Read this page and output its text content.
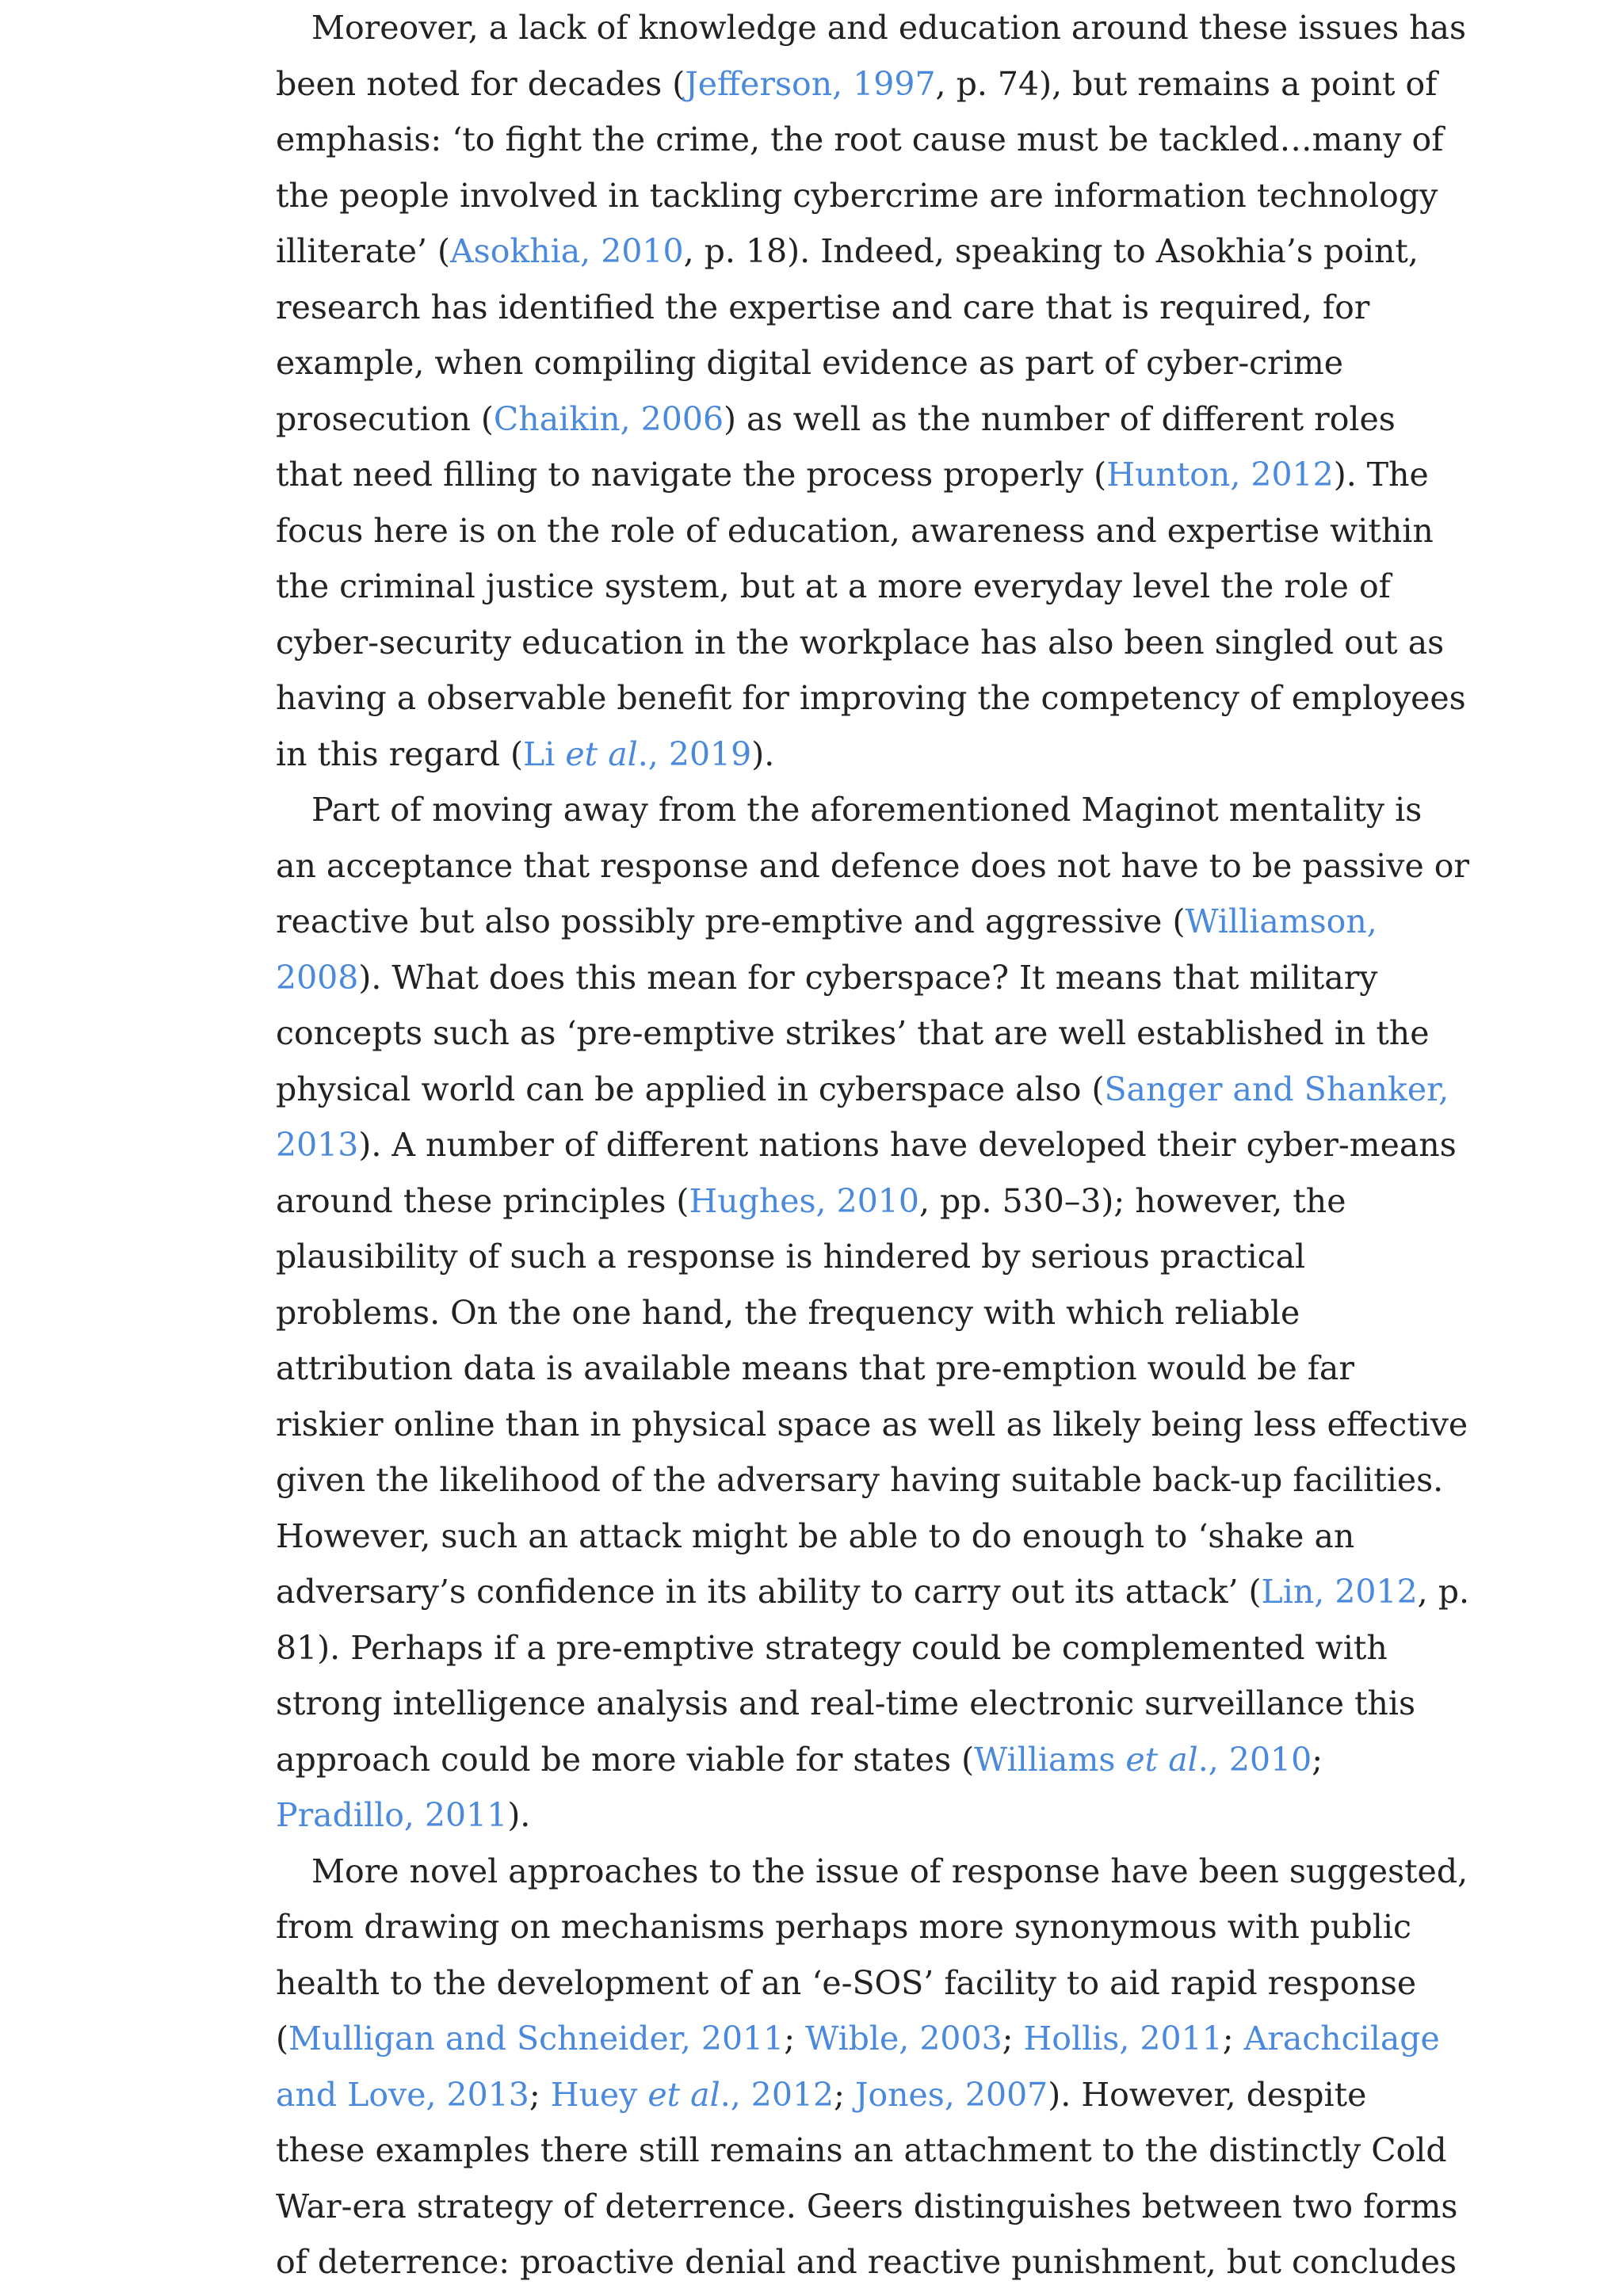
Moreover, a lack of knowledge and education around these issues has
been noted for decades (Jefferson, 1997, p. 74), but remains a point of
emphasis: ‘to fight the crime, the root cause must be tackled…many of
the people involved in tackling cybercrime are information technology
illiterate’ (Asokhia, 2010, p. 18). Indeed, speaking to Asokhia’s point,
research has identified the expertise and care that is required, for
example, when compiling digital evidence as part of cyber-crime
prosecution (Chaikin, 2006) as well as the number of different roles
that need filling to navigate the process properly (Hunton, 2012). The
focus here is on the role of education, awareness and expertise within
the criminal justice system, but at a more everyday level the role of
cyber-security education in the workplace has also been singled out as
having a observable benefit for improving the competency of employees
in this regard (Li et al., 2019).
Part of moving away from the aforementioned Maginot mentality is
an acceptance that response and defence does not have to be passive or
reactive but also possibly pre-emptive and aggressive (Williamson,
2008). What does this mean for cyberspace? It means that military
concepts such as ‘pre-emptive strikes’ that are well established in the
physical world can be applied in cyberspace also (Sanger and Shanker,
2013). A number of different nations have developed their cyber-means
around these principles (Hughes, 2010, pp. 530–3); however, the
plausibility of such a response is hindered by serious practical
problems. On the one hand, the frequency with which reliable
attribution data is available means that pre-emption would be far
riskier online than in physical space as well as likely being less effective
given the likelihood of the adversary having suitable back-up facilities.
However, such an attack might be able to do enough to ‘shake an
adversary’s confidence in its ability to carry out its attack’ (Lin, 2012, p.
81). Perhaps if a pre-emptive strategy could be complemented with
strong intelligence analysis and real-time electronic surveillance this
approach could be more viable for states (Williams et al., 2010;
Pradillo, 2011).
More novel approaches to the issue of response have been suggested,
from drawing on mechanisms perhaps more synonymous with public
health to the development of an ‘e-SOS’ facility to aid rapid response
(Mulligan and Schneider, 2011; Wible, 2003; Hollis, 2011; Arachcilage
and Love, 2013; Huey et al., 2012; Jones, 2007). However, despite
these examples there still remains an attachment to the distinctly Cold
War-era strategy of deterrence. Geers distinguishes between two forms
of deterrence: proactive denial and reactive punishment, but concludes
